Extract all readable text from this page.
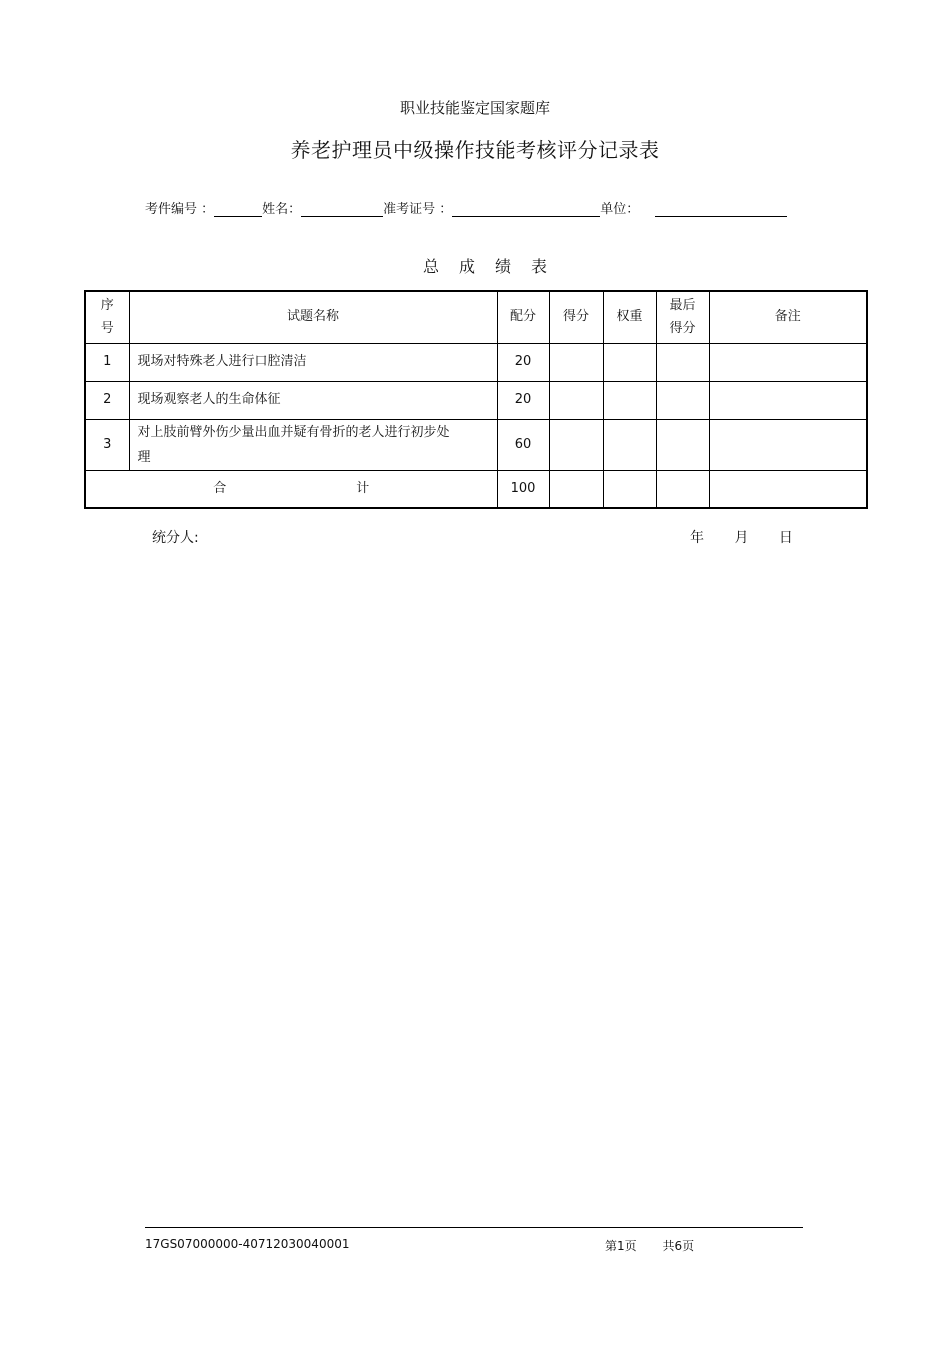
职业技能鉴定国家题库
养老护理员中级操作技能考核评分记录表
考件编号 ：	姓名：	准考证号 ：	单位：
总成绩表
序号	试题名称	配分	得分	权重	最后得分	备注
1	现场对特殊老人进行口腔清洁	20				
2	现场观察老人的生命体征	20				
3	对上肢前臂外伤少量出血并疑有骨折的老人进行初步处理	60				
合 计		100				
统分人:	年 月 日
17GS07000000-40712030040001	第1页 共6页
